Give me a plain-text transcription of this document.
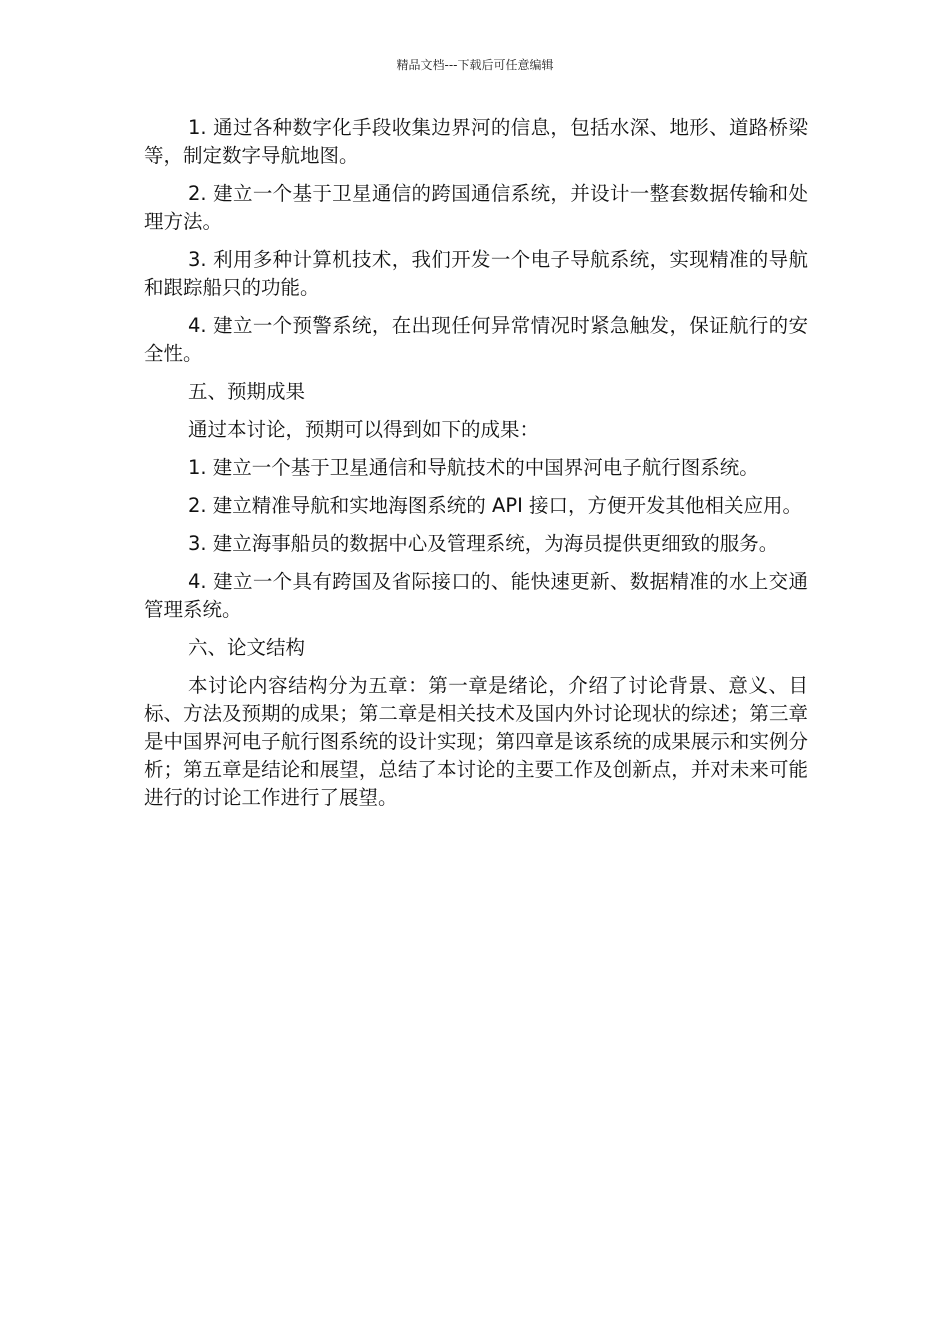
精品文档---下载后可任意编辑

1. 通过各种数字化手段收集边界河的信息，包括水深、地形、道路桥梁等，制定数字导航地图。

2. 建立一个基于卫星通信的跨国通信系统，并设计一整套数据传输和处理方法。

3. 利用多种计算机技术，我们开发一个电子导航系统，实现精准的导航和跟踪船只的功能。

4. 建立一个预警系统，在出现任何异常情况时紧急触发，保证航行的安全性。

五、预期成果

通过本讨论，预期可以得到如下的成果：

1. 建立一个基于卫星通信和导航技术的中国界河电子航行图系统。

2. 建立精准导航和实地海图系统的 API 接口，方便开发其他相关应用。

3. 建立海事船员的数据中心及管理系统，为海员提供更细致的服务。

4. 建立一个具有跨国及省际接口的、能快速更新、数据精准的水上交通管理系统。

六、论文结构

本讨论内容结构分为五章：第一章是绪论，介绍了讨论背景、意义、目标、方法及预期的成果；第二章是相关技术及国内外讨论现状的综述；第三章是中国界河电子航行图系统的设计实现；第四章是该系统的成果展示和实例分析；第五章是结论和展望，总结了本讨论的主要工作及创新点，并对未来可能进行的讨论工作进行了展望。
